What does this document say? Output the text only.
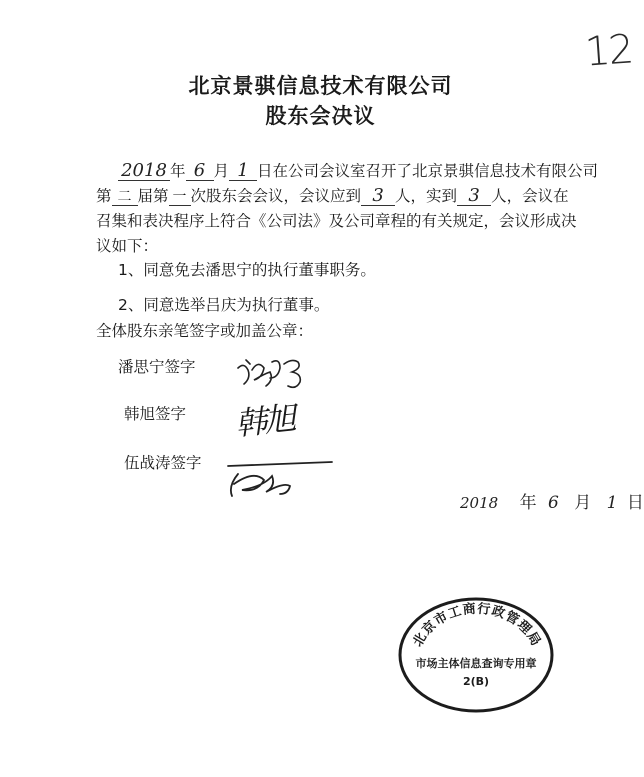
12
北京景骐信息技术有限公司
股东会决议
2018 年 6 月 1 日在公司会议室召开了北京景骐信息技术有限公司
第 二 届第 一 次股东会会议，会议应到 3 人，实到 3 人，会议在
召集和表决程序上符合《公司法》及公司章程的有关规定，会议形成决
议如下：
1、同意免去潘思宁的执行董事职务。
2、同意选举吕庆为执行董事。
全体股东亲笔签字或加盖公章：
潘思宁签字
韩旭签字 韩旭
伍战涛签字
2018 年 6 月 1 日
北京市工商行政管理局
市场主体信息查询专用章
2(B)
